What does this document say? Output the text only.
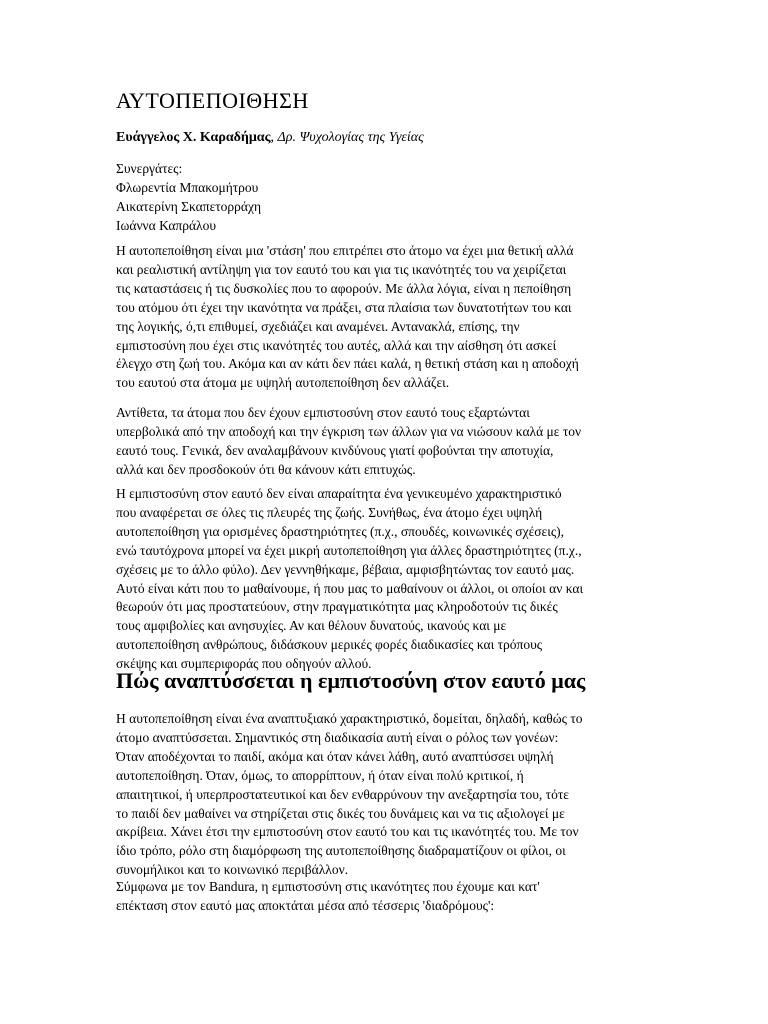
ΑΥΤΟΠΕΠΟΙΘΗΣΗ
Ευάγγελος Χ. Καραδήμας, Δρ. Ψυχολογίας της Υγείας
Συνεργάτες:
Φλωρεντία Μπακομήτρου
Αικατερίνη Σκαπετορράχη
Ιωάννα Καπράλου

Η αυτοπεποίθηση είναι μια 'στάση' που επιτρέπει στο άτομο να έχει μια θετική αλλά
και ρεαλιστική αντίληψη για τον εαυτό του και για τις ικανότητές του να χειρίζεται
τις καταστάσεις ή τις δυσκολίες που το αφορούν. Με άλλα λόγια, είναι η πεποίθηση
του ατόμου ότι έχει την ικανότητα να πράξει, στα πλαίσια των δυνατοτήτων του και
της λογικής, ό,τι επιθυμεί, σχεδιάζει και αναμένει. Αντανακλά, επίσης, την
εμπιστοσύνη που έχει στις ικανότητές του αυτές, αλλά και την αίσθηση ότι ασκεί
έλεγχο στη ζωή του. Ακόμα και αν κάτι δεν πάει καλά, η θετική στάση και η αποδοχή
του εαυτού στα άτομα με υψηλή αυτοπεποίθηση δεν αλλάζει.

Αντίθετα, τα άτομα που δεν έχουν εμπιστοσύνη στον εαυτό τους εξαρτώνται
υπερβολικά από την αποδοχή και την έγκριση των άλλων για να νιώσουν καλά με τον
εαυτό τους. Γενικά, δεν αναλαμβάνουν κινδύνους γιατί φοβούνται την αποτυχία,
αλλά και δεν προσδοκούν ότι θα κάνουν κάτι επιτυχώς.

Η εμπιστοσύνη στον εαυτό δεν είναι απαραίτητα ένα γενικευμένο χαρακτηριστικό
που αναφέρεται σε όλες τις πλευρές της ζωής. Συνήθως, ένα άτομο έχει υψηλή
αυτοπεποίθηση για ορισμένες δραστηριότητες (π.χ., σπουδές, κοινωνικές σχέσεις),
ενώ ταυτόχρονα μπορεί να έχει μικρή αυτοπεποίθηση για άλλες δραστηριότητες (π.χ.,
σχέσεις με το άλλο φύλο). Δεν γεννηθήκαμε, βέβαια, αμφισβητώντας τον εαυτό μας.
Αυτό είναι κάτι που το μαθαίνουμε, ή που μας το μαθαίνουν οι άλλοι, οι οποίοι αν και
θεωρούν ότι μας προστατεύουν, στην πραγματικότητα μας κληροδοτούν τις δικές
τους αμφιβολίες και ανησυχίες. Αν και θέλουν δυνατούς, ικανούς και με
αυτοπεποίθηση ανθρώπους, διδάσκουν μερικές φορές διαδικασίες και τρόπους
σκέψης και συμπεριφοράς που οδηγούν αλλού.

Πώς αναπτύσσεται η εμπιστοσύνη στον εαυτό μας

Η αυτοπεποίθηση είναι ένα αναπτυξιακό χαρακτηριστικό, δομείται, δηλαδή, καθώς το
άτομο αναπτύσσεται. Σημαντικός στη διαδικασία αυτή είναι ο ρόλος των γονέων:
Όταν αποδέχονται το παιδί, ακόμα και όταν κάνει λάθη, αυτό αναπτύσσει υψηλή
αυτοπεποίθηση. Όταν, όμως, το απορρίπτουν, ή όταν είναι πολύ κριτικοί, ή
απαιτητικοί, ή υπερπροστατευτικοί και δεν ενθαρρύνουν την ανεξαρτησία του, τότε
το παιδί δεν μαθαίνει να στηρίζεται στις δικές του δυνάμεις και να τις αξιολογεί με
ακρίβεια. Χάνει έτσι την εμπιστοσύνη στον εαυτό του και τις ικανότητές του. Με τον
ίδιο τρόπο, ρόλο στη διαμόρφωση της αυτοπεποίθησης διαδραματίζουν οι φίλοι, οι
συνομήλικοι και το κοινωνικό περιβάλλον.

Σύμφωνα με τον Bandura, η εμπιστοσύνη στις ικανότητες που έχουμε και κατ'
επέκταση στον εαυτό μας αποκτάται μέσα από τέσσερις 'διαδρόμους':
